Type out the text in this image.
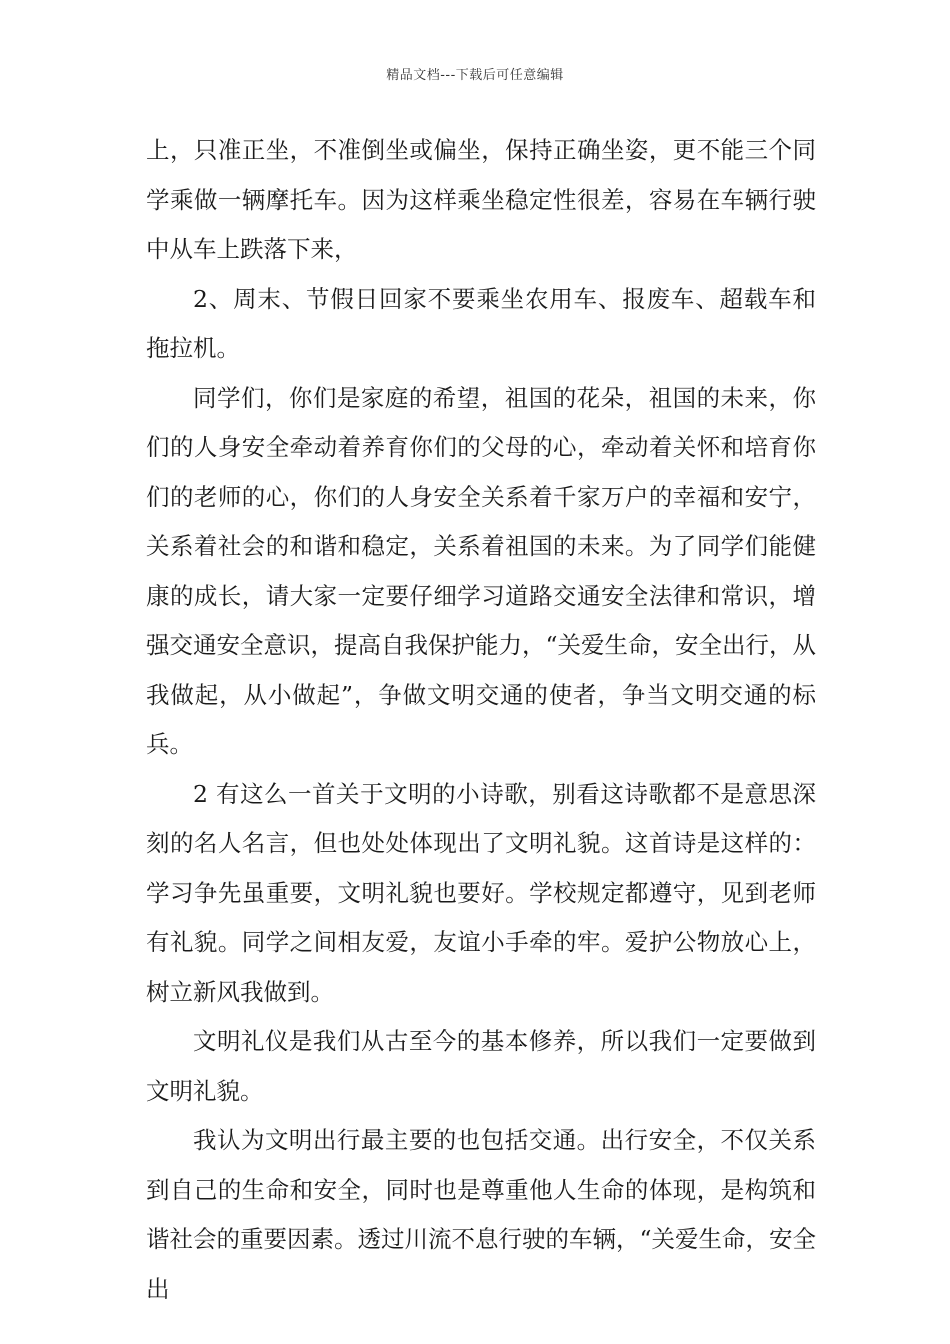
精品文档---下载后可任意编辑

上，只准正坐，不准倒坐或偏坐，保持正确坐姿，更不能三个同学乘做一辆摩托车。因为这样乘坐稳定性很差，容易在车辆行驶中从车上跌落下来，

2、周末、节假日回家不要乘坐农用车、报废车、超载车和拖拉机。

同学们，你们是家庭的希望，祖国的花朵，祖国的未来，你们的人身安全牵动着养育你们的父母的心，牵动着关怀和培育你们的老师的心，你们的人身安全关系着千家万户的幸福和安宁，关系着社会的和谐和稳定，关系着祖国的未来。为了同学们能健康的成长，请大家一定要仔细学习道路交通安全法律和常识，增强交通安全意识，提高自我保护能力，“关爱生命，安全出行，从我做起，从小做起”，争做文明交通的使者，争当文明交通的标兵。

2 有这么一首关于文明的小诗歌，别看这诗歌都不是意思深刻的名人名言，但也处处体现出了文明礼貌。这首诗是这样的：学习争先虽重要，文明礼貌也要好。学校规定都遵守，见到老师有礼貌。同学之间相友爱，友谊小手牵的牢。爱护公物放心上，树立新风我做到。

文明礼仪是我们从古至今的基本修养，所以我们一定要做到文明礼貌。

我认为文明出行最主要的也包括交通。出行安全，不仅关系到自己的生命和安全，同时也是尊重他人生命的体现，是构筑和谐社会的重要因素。透过川流不息行驶的车辆，“关爱生命，安全出
